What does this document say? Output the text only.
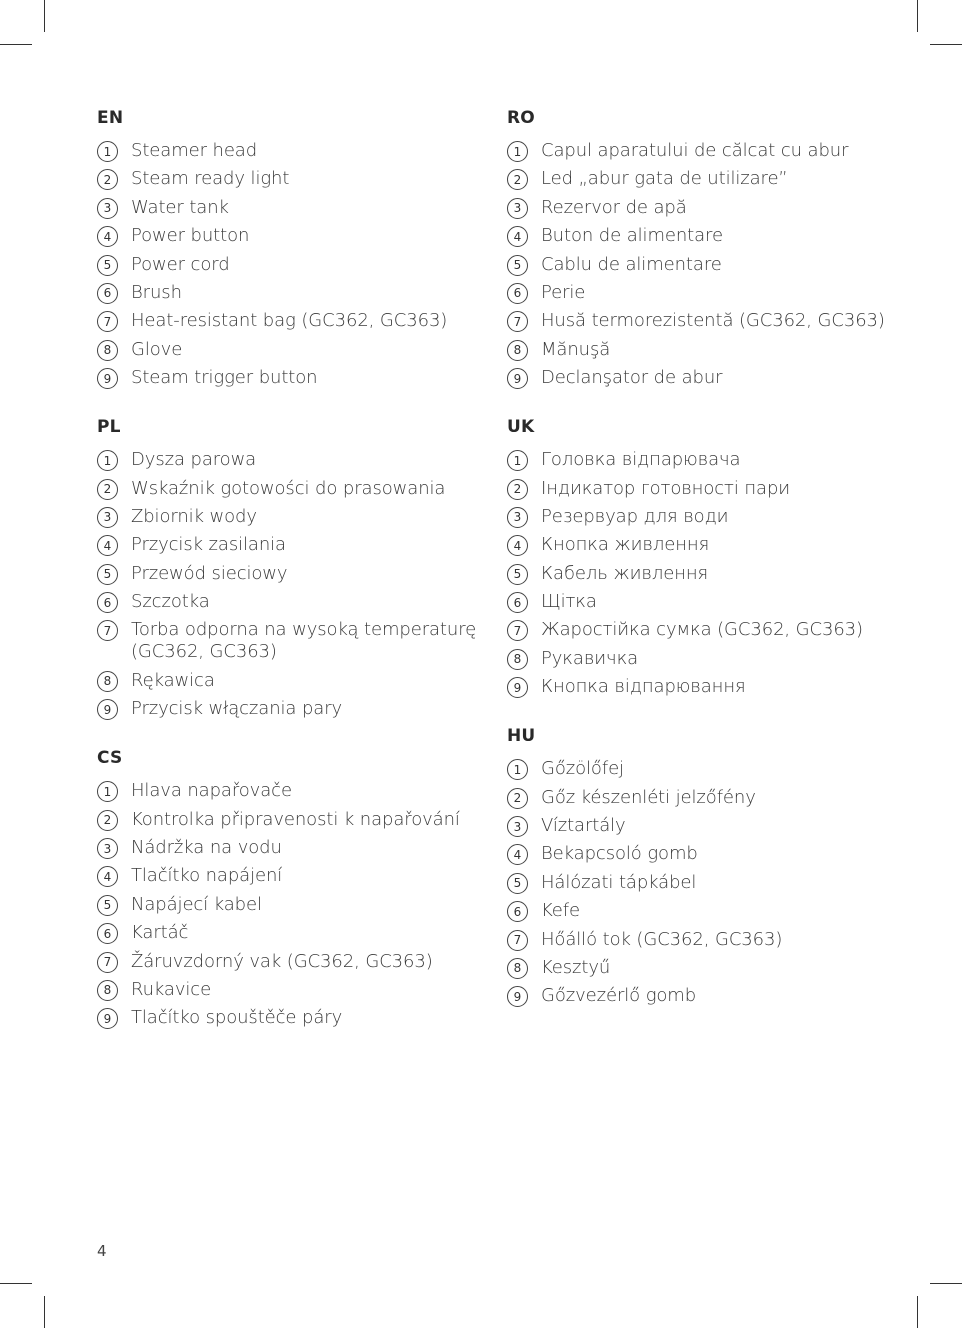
EN
1	Steamer head
2	Steam ready light
3	Water tank
4	Power button
5	Power cord
6	Brush
7	Heat-resistant bag (GC362, GC363)
8	Glove
9	Steam trigger button
PL
1	Dysza parowa
2	Wskaźnik gotowości do prasowania
3	Zbiornik wody
4	Przycisk zasilania
5	Przewód sieciowy
6	Szczotka
7	Torba odporna na wysoką temperaturę (GC362, GC363)
8	Rękawica
9	Przycisk włączania pary
CS
1	Hlava napařovače
2	Kontrolka připravenosti k napařování
3	Nádržka na vodu
4	Tlačítko napájení
5	Napájecí kabel
6	Kartáč
7	Žáruvzdorný vak (GC362, GC363)
8	Rukavice
9	Tlačítko spouštěče páry
RO
1	Capul aparatului de călcat cu abur
2	Led „abur gata de utilizare”
3	Rezervor de apă
4	Buton de alimentare
5	Cablu de alimentare
6	Perie
7	Husă termorezistentă (GC362, GC363)
8	Mănuşă
9	Declanşator de abur
UK
1	Головка відпарювача
2	Індикатор готовності пари
3	Резервуар для води
4	Кнопка живлення
5	Кабель живлення
6	Щітка
7	Жаростійка сумка (GC362, GC363)
8	Рукавичка
9	Кнопка відпарювання
HU
1	Gőzölőfej
2	Gőz készenléti jelzőfény
3	Víztartály
4	Bekapcsoló gomb
5	Hálózati tápkábel
6	Kefe
7	Hőálló tok (GC362, GC363)
8	Kesztyű
9	Gőzvezérlő gomb
4
